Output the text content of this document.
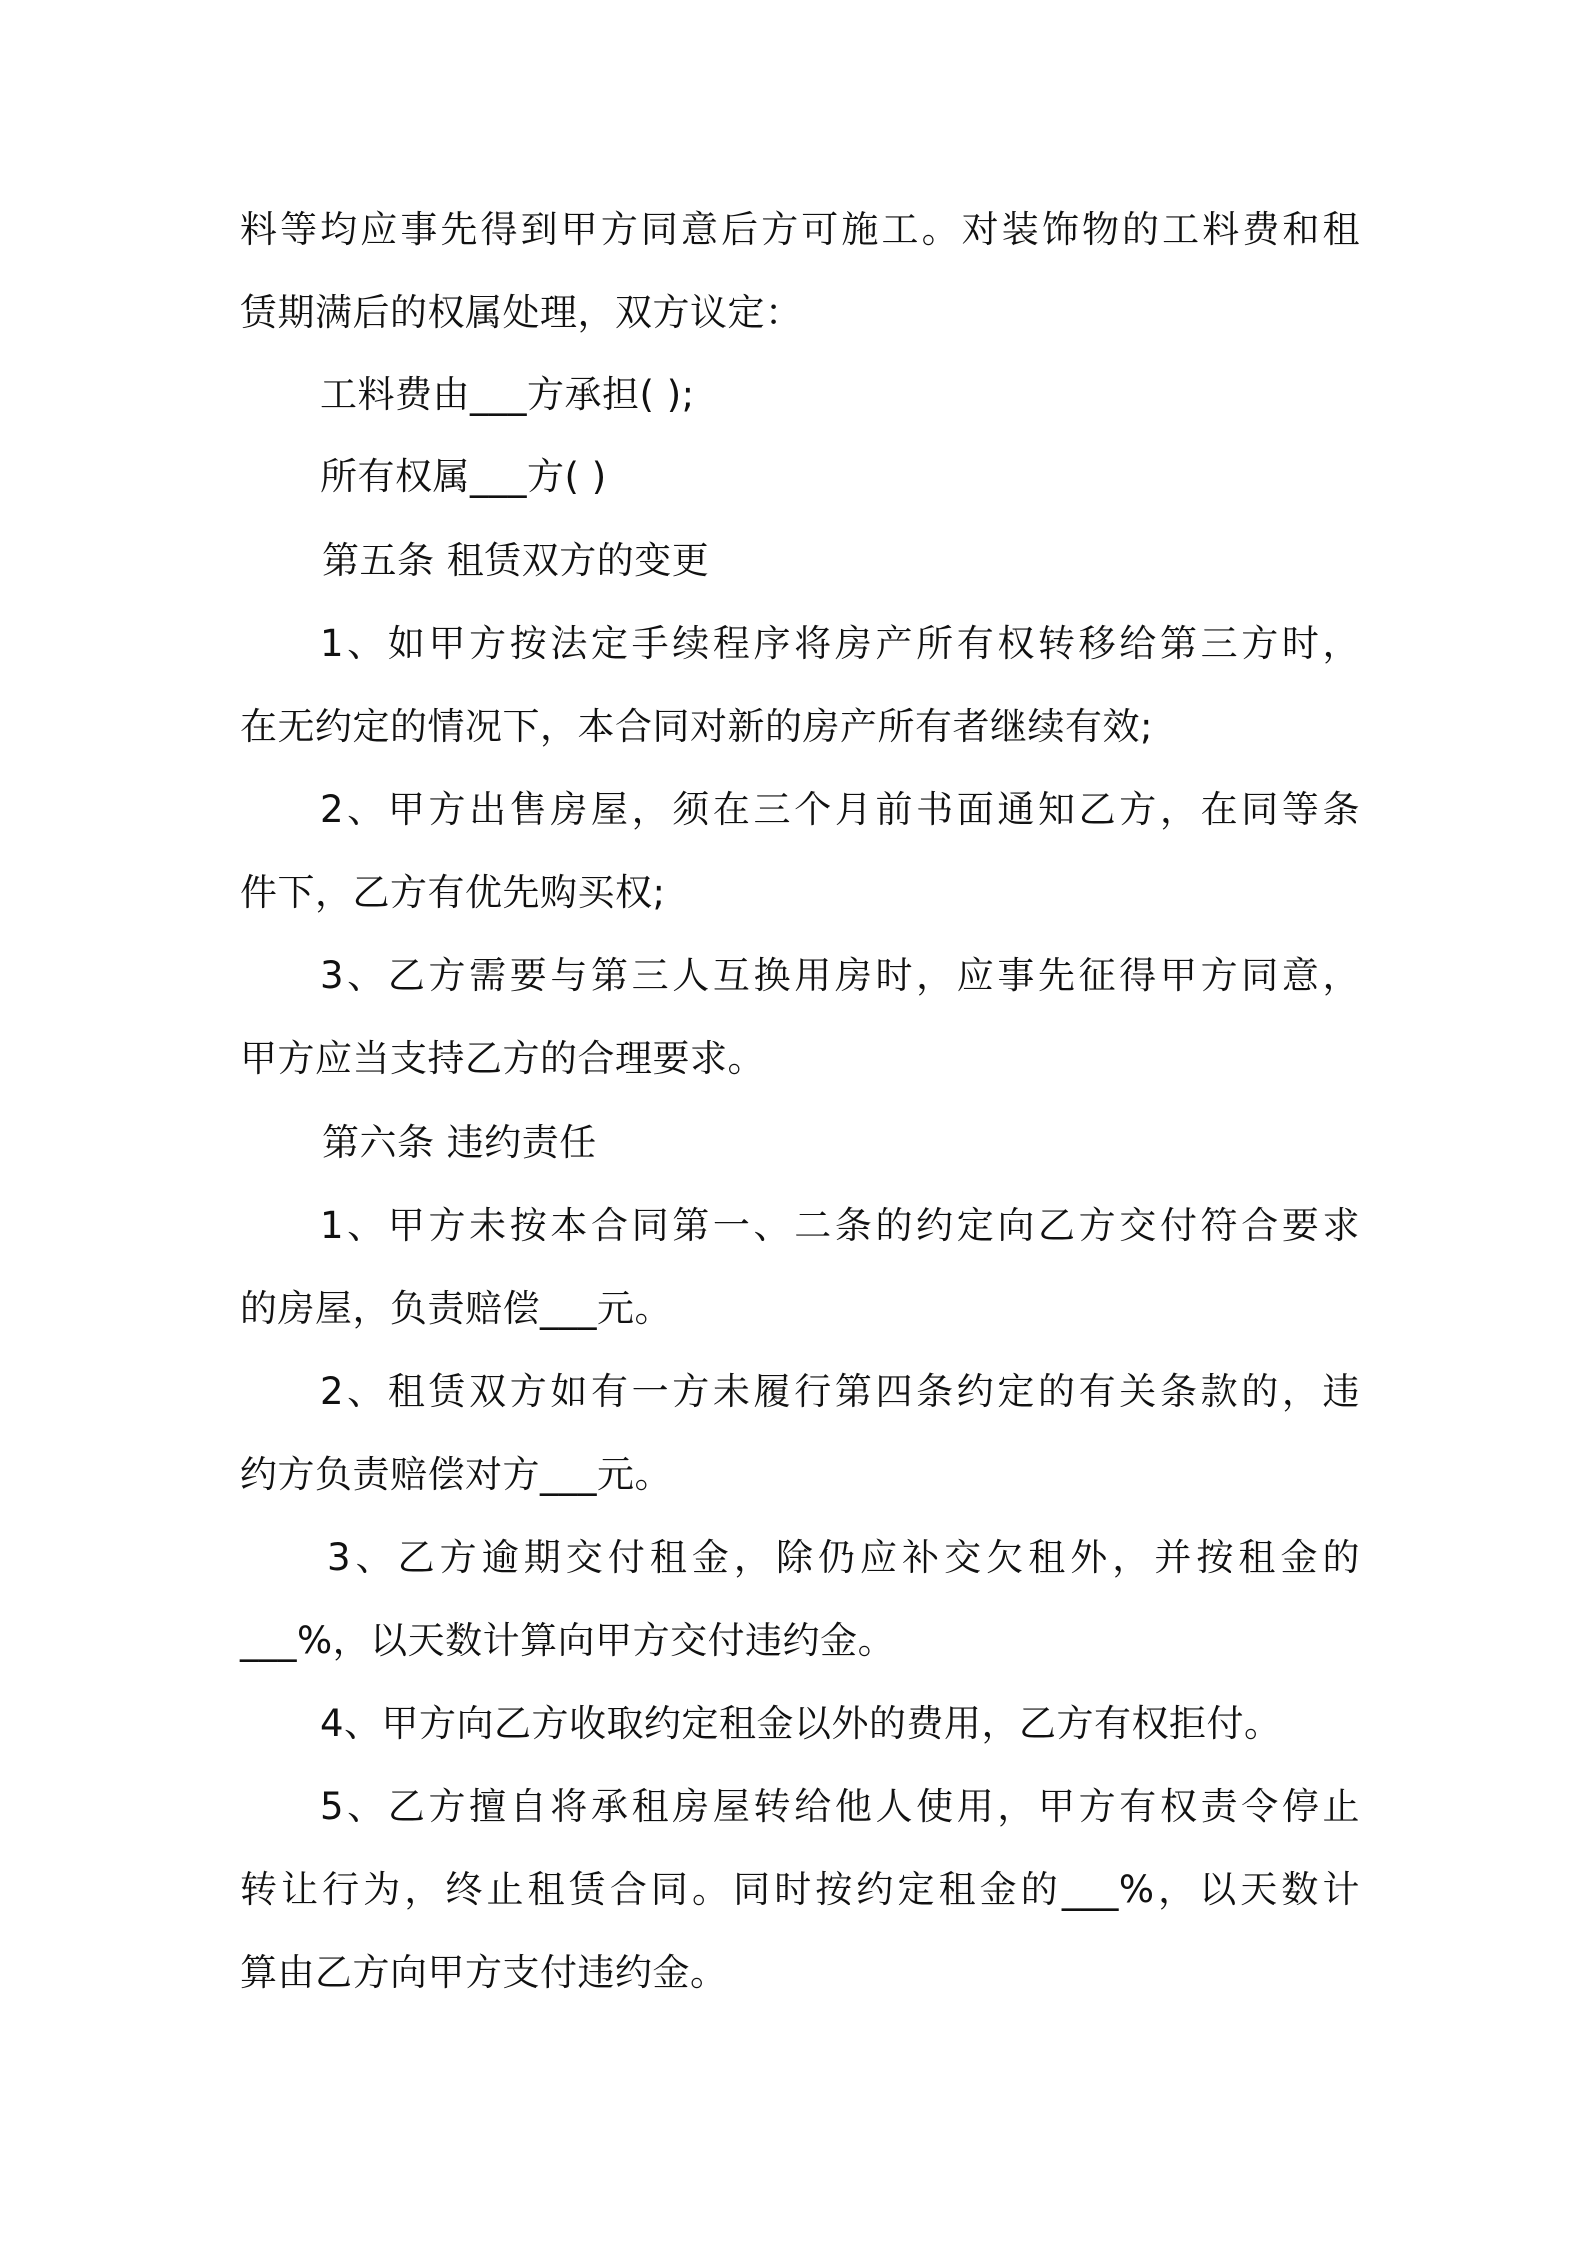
料等均应事先得到甲方同意后方可施工。对装饰物的工料费和租
赁期满后的权属处理，双方议定：
工料费由___方承担( );
所有权属___方( )
第五条 租赁双方的变更
1、如甲方按法定手续程序将房产所有权转移给第三方时，
在无约定的情况下，本合同对新的房产所有者继续有效;
2、甲方出售房屋，须在三个月前书面通知乙方，在同等条
件下，乙方有优先购买权;
3、乙方需要与第三人互换用房时，应事先征得甲方同意，
甲方应当支持乙方的合理要求。
第六条 违约责任
1、甲方未按本合同第一、二条的约定向乙方交付符合要求
的房屋，负责赔偿___元。
2、租赁双方如有一方未履行第四条约定的有关条款的，违
约方负责赔偿对方___元。
3、乙方逾期交付租金，除仍应补交欠租外，并按租金的
___%，以天数计算向甲方交付违约金。
4、甲方向乙方收取约定租金以外的费用，乙方有权拒付。
5、乙方擅自将承租房屋转给他人使用，甲方有权责令停止
转让行为，终止租赁合同。同时按约定租金的___%，以天数计
算由乙方向甲方支付违约金。
